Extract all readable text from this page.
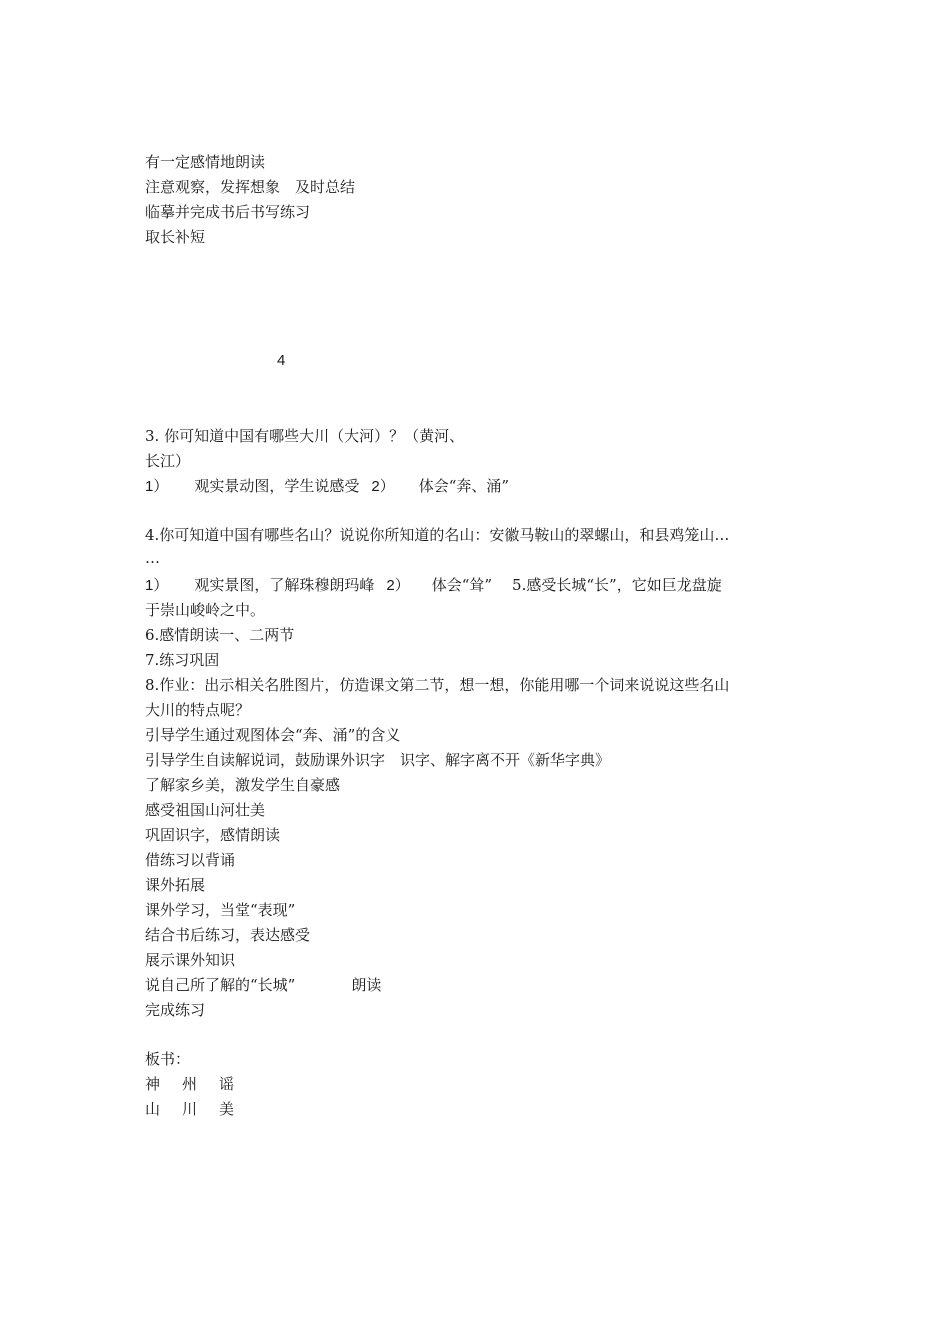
有一定感情地朗读
注意观察，发挥想象　及时总结
临摹并完成书后书写练习
取长补短
4
3. 你可知道中国有哪些大川（大河）？（黄河、
长江）
1） 观实景动图，学生说感受 2） 体会“奔、涌”
4.你可知道中国有哪些名山？说说你所知道的名山：安徽马鞍山的翠螺山，和县鸡笼山…
…
1） 观实景图，了解珠穆朗玛峰 2） 体会“耸” 5.感受长城“长”，它如巨龙盘旋
于崇山峻岭之中。
6.感情朗读一、二两节
7.练习巩固
8.作业：出示相关名胜图片，仿造课文第二节，想一想，你能用哪一个词来说说这些名山
大川的特点呢？
引导学生通过观图体会“奔、涌”的含义
引导学生自读解说词，鼓励课外识字　识字、解字离不开《新华字典》
了解家乡美，激发学生自豪感
感受祖国山河壮美
巩固识字，感情朗读
借练习以背诵
课外拓展
课外学习，当堂“表现”
结合书后练习，表达感受
展示课外知识
说自己所了解的“长城”	朗读
完成练习
板书：
神 州 谣
山 川 美
